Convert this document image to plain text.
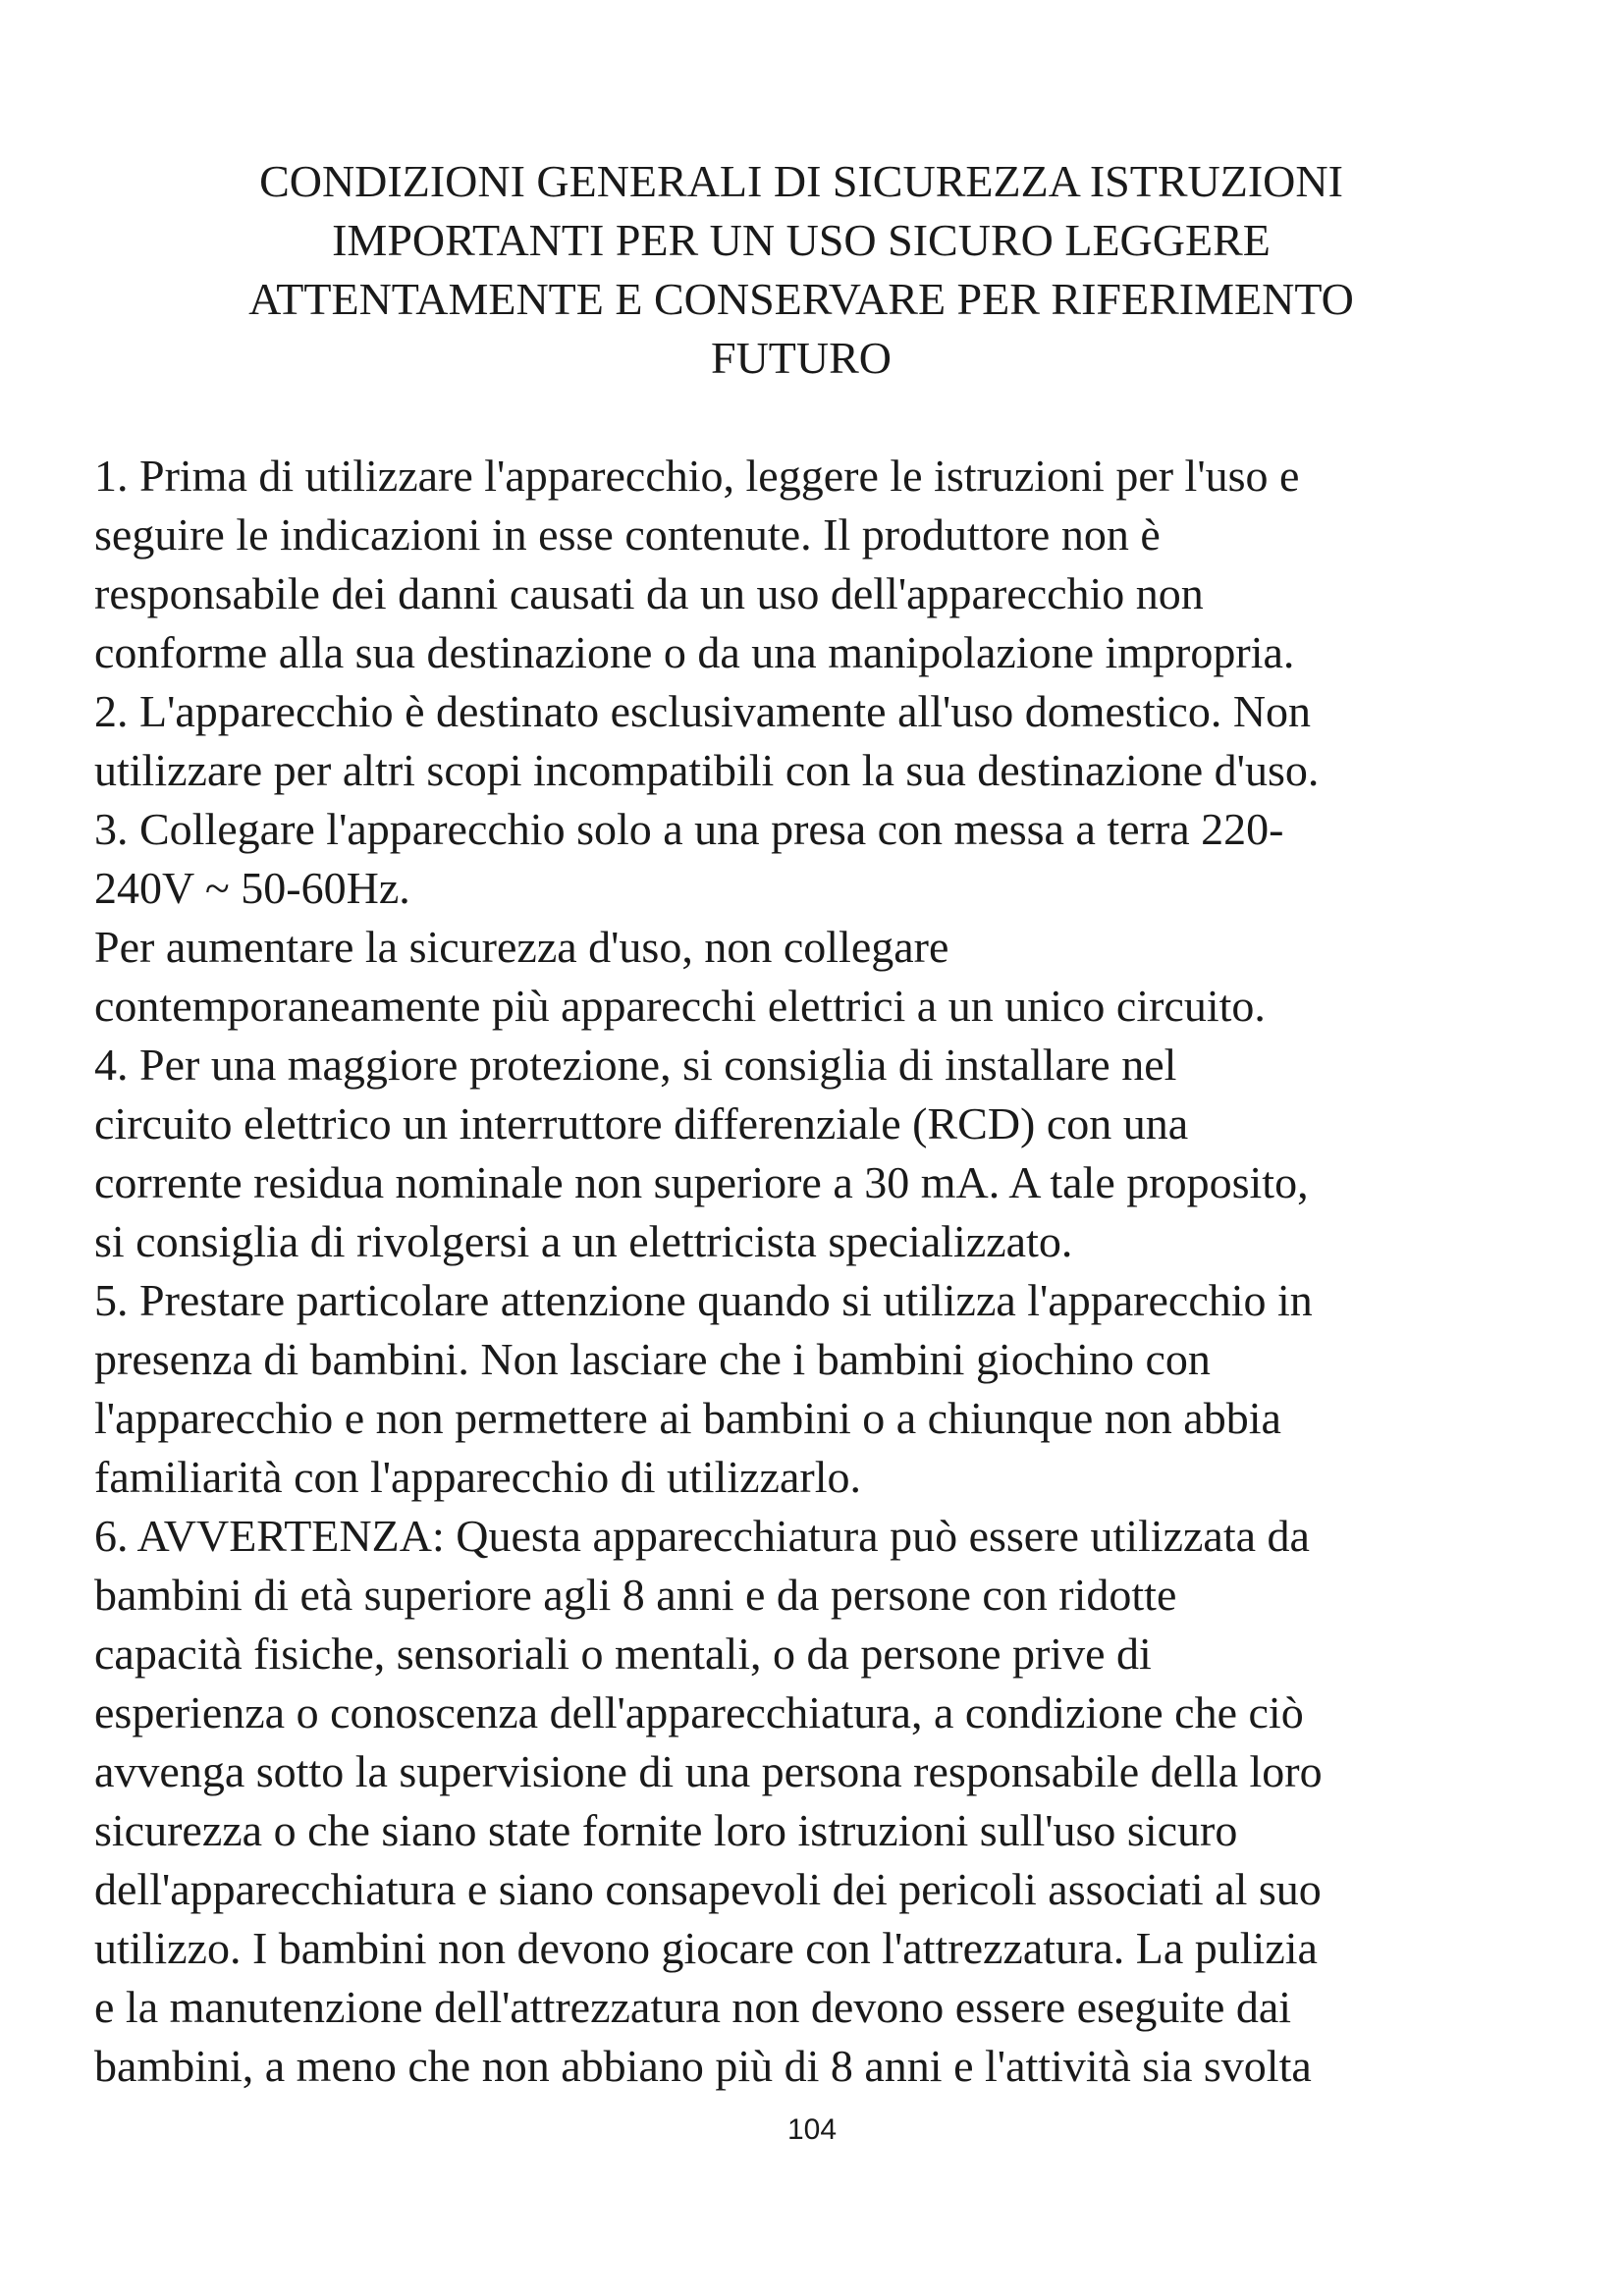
CONDIZIONI GENERALI DI SICUREZZA ISTRUZIONI
IMPORTANTI PER UN USO SICURO LEGGERE
ATTENTAMENTE E CONSERVARE PER RIFERIMENTO
FUTURO

1. Prima di utilizzare l'apparecchio, leggere le istruzioni per l'uso e
seguire le indicazioni in esse contenute. Il produttore non è
responsabile dei danni causati da un uso dell'apparecchio non
conforme alla sua destinazione o da una manipolazione impropria.

2. L'apparecchio è destinato esclusivamente all'uso domestico. Non
utilizzare per altri scopi incompatibili con la sua destinazione d'uso.

3. Collegare l'apparecchio solo a una presa con messa a terra 220-
240V ~ 50-60Hz.

Per aumentare la sicurezza d'uso, non collegare
contemporaneamente più apparecchi elettrici a un unico circuito.

4. Per una maggiore protezione, si consiglia di installare nel
circuito elettrico un interruttore differenziale (RCD) con una
corrente residua nominale non superiore a 30 mA. A tale proposito,
si consiglia di rivolgersi a un elettricista specializzato.

5. Prestare particolare attenzione quando si utilizza l'apparecchio in
presenza di bambini. Non lasciare che i bambini giochino con
l'apparecchio e non permettere ai bambini o a chiunque non abbia
familiarità con l'apparecchio di utilizzarlo.

6. AVVERTENZA: Questa apparecchiatura può essere utilizzata da
bambini di età superiore agli 8 anni e da persone con ridotte
capacità fisiche, sensoriali o mentali, o da persone prive di
esperienza o conoscenza dell'apparecchiatura, a condizione che ciò
avvenga sotto la supervisione di una persona responsabile della loro
sicurezza o che siano state fornite loro istruzioni sull'uso sicuro
dell'apparecchiatura e siano consapevoli dei pericoli associati al suo
utilizzo. I bambini non devono giocare con l'attrezzatura. La pulizia
e la manutenzione dell'attrezzatura non devono essere eseguite dai
bambini, a meno che non abbiano più di 8 anni e l'attività sia svolta

104
